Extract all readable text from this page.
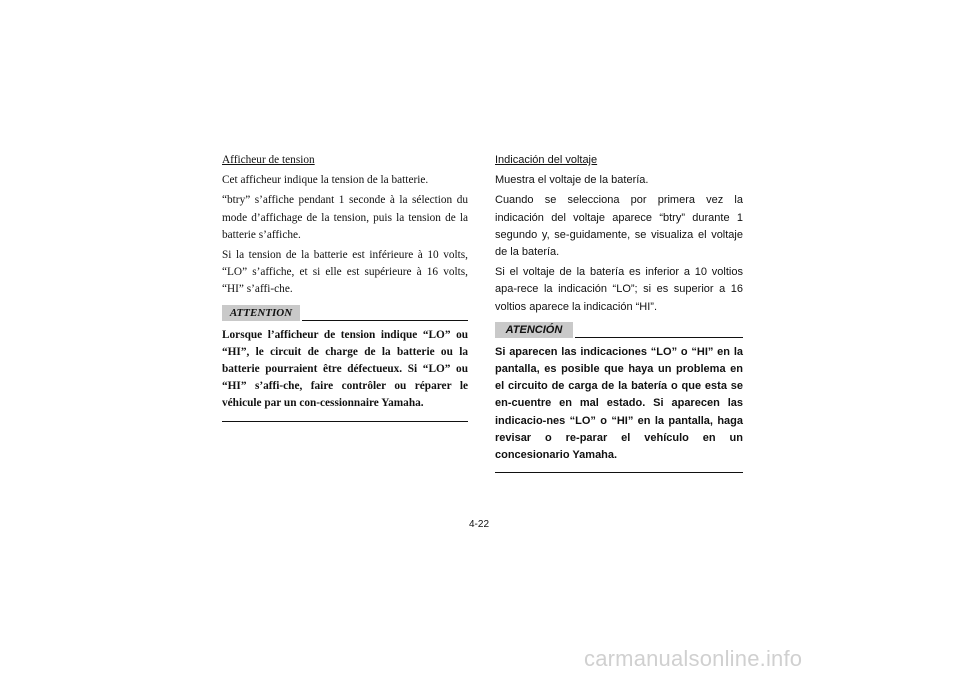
Afficheur de tension

Cet afficheur indique la tension de la batterie.

“btry” s’affiche pendant 1 seconde à la sélection du mode d’affichage de la tension, puis la tension de la batterie s’affiche.

Si la tension de la batterie est inférieure à 10 volts, “LO” s’affiche, et si elle est supérieure à 16 volts, “HI” s’affi-che.

ATTENTION

Lorsque l’afficheur de tension indique “LO” ou “HI”, le circuit de charge de la batterie ou la batterie pourraient être défectueux. Si “LO” ou “HI” s’affi-che, faire contrôler ou réparer le véhicule par un con-cessionnaire Yamaha.

Indicación del voltaje

Muestra el voltaje de la batería.

Cuando se selecciona por primera vez la indicación del voltaje aparece “btry” durante 1 segundo y, se-guidamente, se visualiza el voltaje de la batería.

Si el voltaje de la batería es inferior a 10 voltios apa-rece la indicación “LO”; si es superior a 16 voltios aparece la indicación “HI”.

ATENCIÓN

Si aparecen las indicaciones “LO” o “HI” en la pantalla, es posible que haya un problema en el circuito de carga de la batería o que esta se en-cuentre en mal estado. Si aparecen las indicacio-nes “LO” o “HI” en la pantalla, haga revisar o re-parar el vehículo en un concesionario Yamaha.

4-22
carmanualsonline.info
